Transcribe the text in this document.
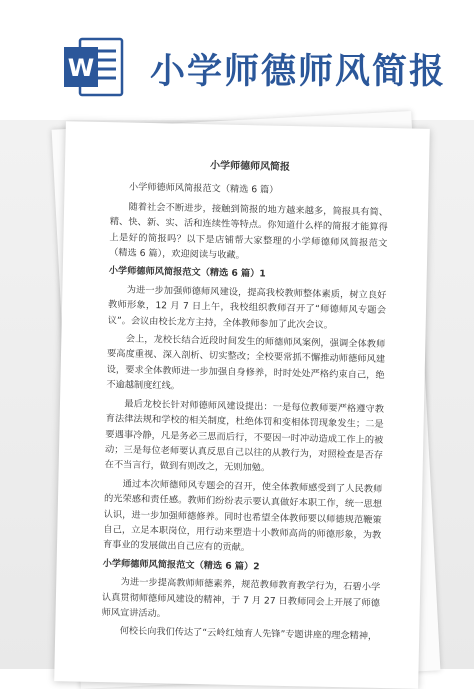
W 小学师德师风简报
小学师德师风简报
小学师德师风简报范文（精选 6 篇）
随着社会不断进步，接触到简报的地方越来越多，简报具有简、精、快、新、实、活和连续性等特点。你知道什么样的简报才能算得上是好的简报吗？以下是店铺帮大家整理的小学师德师风简报范文（精选 6 篇），欢迎阅读与收藏。
小学师德师风简报范文（精选 6 篇）1
为进一步加强师德师风建设，提高我校教师整体素质，树立良好教师形象，12 月 7 日上午，我校组织教师召开了“师德师风专题会议”。会议由校长龙方主持，全体教师参加了此次会议。
会上，龙校长结合近段时间发生的师德师风案例，强调全体教师要高度重视、深入剖析、切实整改；全校要常抓不懈推动师德师风建设，要求全体教师进一步加强自身修养，时时处处严格约束自己，绝不逾越制度红线。
最后龙校长针对师德师风建设提出：一是每位教师要严格遵守教育法律法规和学校的相关制度，杜绝体罚和变相体罚现象发生；二是要遇事冷静，凡是务必三思而后行，不要因一时冲动造成工作上的被动；三是每位老师要认真反思自己以往的从教行为，对照检查是否存在不当言行，做到有则改之，无则加勉。
通过本次师德师风专题会的召开，使全体教师感受到了人民教师的光荣感和责任感。教师们纷纷表示要认真做好本职工作，统一思想认识，进一步加强师德修养。同时也希望全体教师要以师德规范鞭策自己，立足本职岗位，用行动来塑造十小教师高尚的师德形象，为教育事业的发展做出自己应有的贡献。
小学师德师风简报范文（精选 6 篇）2
为进一步提高教师师德素养，规范教师教育教学行为，石碧小学认真贯彻师德师风建设的精神，于 7 月 27 日教师同会上开展了师德师风宣讲活动。
何校长向我们传达了“云岭红烛育人先锋”专题讲座的理念精神，
